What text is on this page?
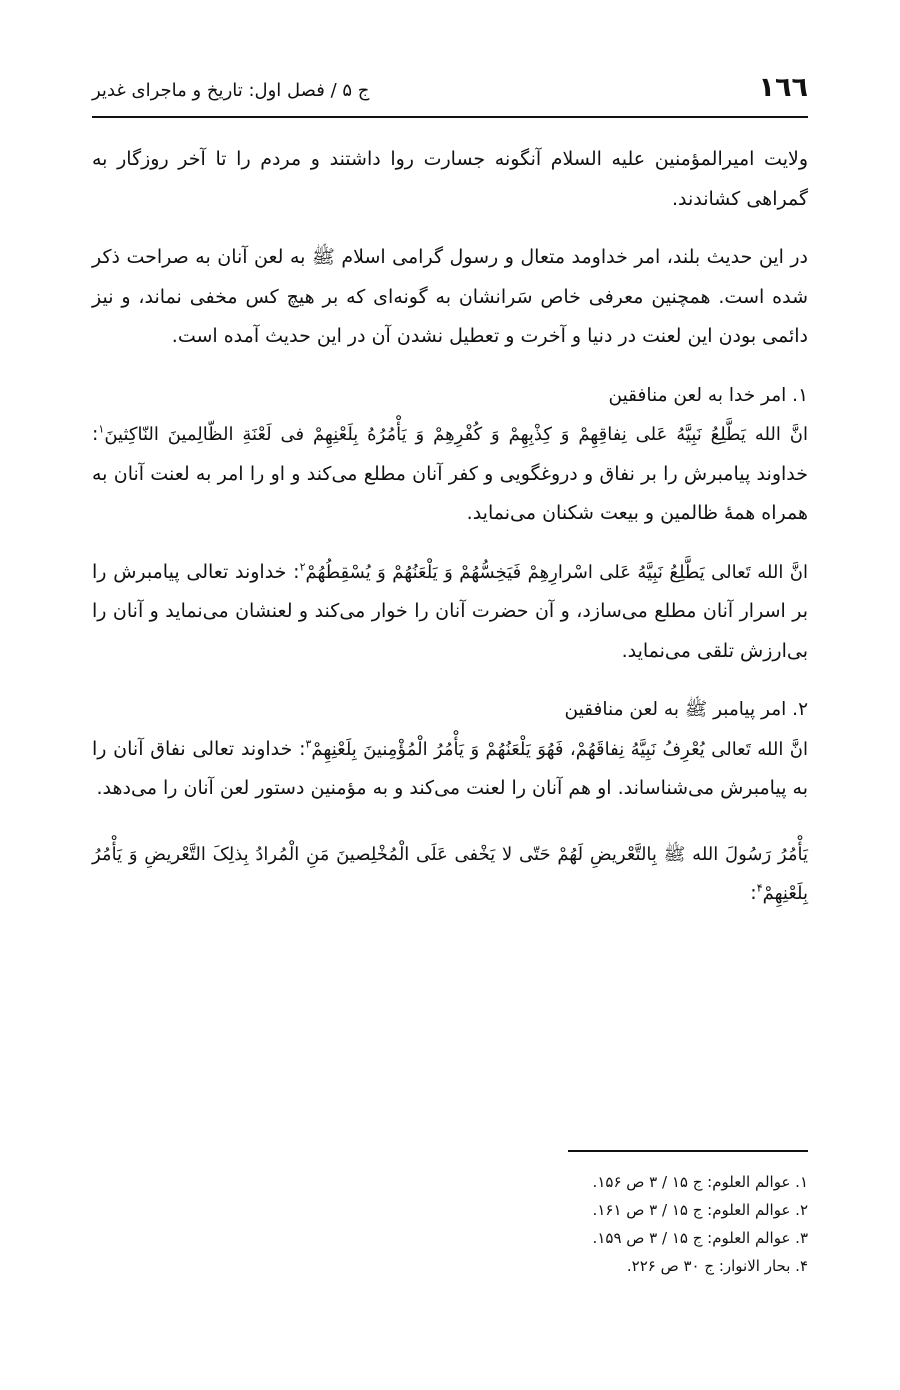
١٦٦
ج ۵ / فصل اول: تاریخ و ماجرای غدیر

ولایت امیرالمؤمنین علیه السلام آنگونه جسارت روا داشتند و مردم را تا آخر روزگار به گمراهی کشاندند.

در این حدیث بلند، امر خداومد متعال و رسول گرامی اسلام ﷺ به لعن آنان به صراحت ذکر شده است. همچنین معرفی خاص سَرانشان به گونه‌ای که بر هیچ کس مخفی نماند، و نیز دائمی بودن این لعنت در دنیا و آخرت و تعطیل نشدن آن در این حدیث آمده است.

١. امر خدا به لعن منافقین

انَّ الله یَطَّلِعُ نَبِیَّهُ عَلی نِفاقِهِمْ وَ کِذْبِهِمْ وَ کُفْرِهِمْ وَ یَأْمُرُهُ بِلَعْنِهِمْ فی لَعْنَةِ الظّالِمینَ النّاکِثینَ$^١$: خداوند پیامبرش را بر نفاق و دروغگویی و کفر آنان مطلع می‌کند و او را امر به لعنت آنان به همراه همهٔ ظالمین و بیعت شکنان می‌نماید.

انَّ الله تَعالی یَطَّلِعُ نَبِیَّهُ عَلی اسْرارِهِمْ فَیَخِسُّهُمْ وَ یَلْعَنُهُمْ وَ یُسْقِطُهُمْ$^٢$: خداوند تعالی پیامبرش را بر اسرار آنان مطلع می‌سازد، و آن حضرت آنان را خوار می‌کند و لعنشان می‌نماید و آنان را بی‌ارزش تلقی می‌نماید.

٢. امر پیامبر ﷺ به لعن منافقین

انَّ الله تَعالی یُعْرِفُ نَبِیَّهُ نِفاقَهُمْ، فَهُوَ یَلْعَنُهُمْ وَ یَأْمُرُ الْمُؤْمِنینَ بِلَعْنِهِمْ$^٣$: خداوند تعالی نفاق آنان را به پیامبرش می‌شناساند. او هم آنان را لعنت می‌کند و به مؤمنین دستور لعن آنان را می‌دهد.

یَأْمُرُ رَسُولَ الله ﷺ بِالتَّعْریضِ لَهُمْ حَتّی لا یَخْفی عَلَی الْمُخْلِصینَ مَنِ الْمُرادُ بِذلِکَ التَّعْریضِ وَ یَأْمُرُ بِلَعْنِهِمْ$^۴$:

١. عوالم العلوم: ج ١۵ / ٣ ص ١۵۶.
٢. عوالم العلوم: ج ١۵ / ٣ ص ١۶١.
٣. عوالم العلوم: ج ١۵ / ٣ ص ١۵٩.
۴. بحار الانوار: ج ٣٠ ص ٢٢۶.
